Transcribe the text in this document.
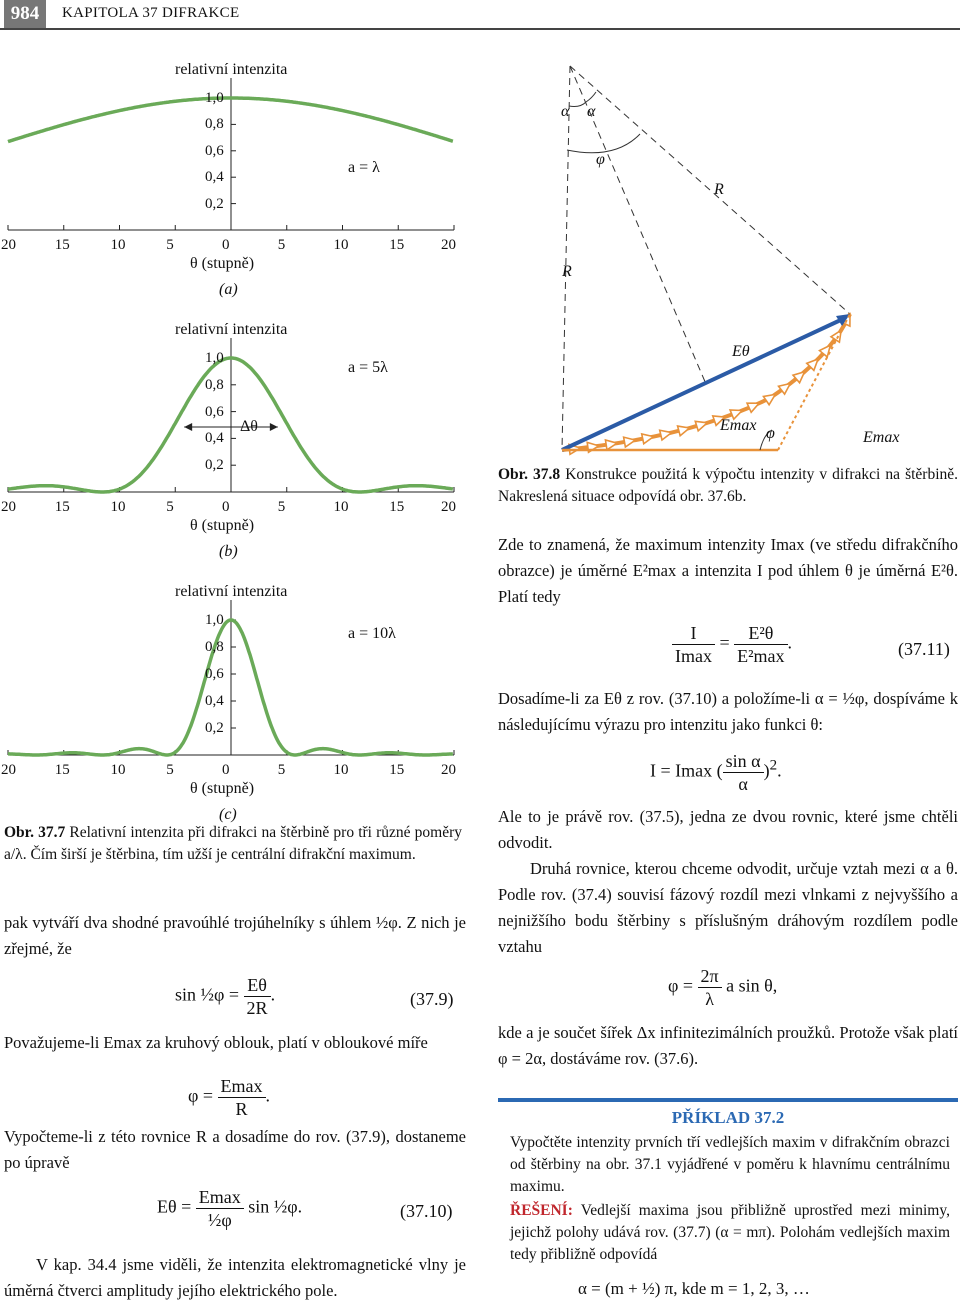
984	KAPITOLA 37 DIFRAKCE
relativní intenzita
1,0
0,8
0,6
0,4
0,2
20	15	10	5	0	5	10	15 20
θ (stupně)
(a)
a = λ
relativní intenzita
1,0
0,8
0,6
0,4
0,2
20	15	10	5	0	5	10	15 20
θ (stupně)
(b)
a = 5λ
Δθ
relativní intenzita
1,0
0,8
0,6
0,4
0,2
20	15	10	5	0	5	10	15 20
θ (stupně)
(c)
a = 10λ
Obr. 37.7 Relativní intenzita při difrakci na štěrbině pro tři různé poměry a/λ. Čím širší je štěrbina, tím užší je centrální difrakční maximum.
pak vytváří dva shodné pravoúhlé trojúhelníky s úhlem ½φ. Z nich je zřejmé, že
sin ½φ = $\frac{E\theta}{2R}$ .	(37.9)
Považujeme-li Emax za kruhový oblouk, platí v obloukové míře
$\varphi = \frac{Emax}{R}$ .
Vypočteme-li z této rovnice R a dosadíme do rov. (37.9), dostaneme po úpravě
$E\theta = \frac{Emax}{\text{½φ}}$ sin ½φ.	(37.10)
V kap. 34.4 jsme viděli, že intenzita elektromagnetické vlny je úměrná čtverci amplitudy jejího elektrického pole.
α α
φ
R
R
Eθ
Emax φ	Emax
Obr. 37.8 Konstrukce použitá k výpočtu intenzity v difrakci na štěrbině. Nakreslená situace odpovídá obr. 37.6b.
Zde to znamená, že maximum intenzity Imax (ve středu difrakčního obrazce) je úměrné E²max a intenzita I pod úhlem θ je úměrná E²θ. Platí tedy
$\frac{I}{Imax} = \frac{\text{E²θ}}{\text{E²max}}$ .	(37.11)
Dosadíme-li za Eθ z rov. (37.10) a položíme-li α = ½φ, dospíváme k následujícímu výrazu pro intenzitu jako funkci θ:
I = Imax ( $\frac{\text{sin α}}{\alpha} )^2$.
Ale to je právě rov. (37.5), jedna ze dvou rovnic, které jsme chtěli odvodit.
Druhá rovnice, kterou chceme odvodit, určuje vztah mezi α a θ. Podle rov. (37.4) souvisí fázový rozdíl mezi vlnkami z nejvyššího a nejnižšího bodu štěrbiny s příslušným dráhovým rozdílem podle vztahu
$\varphi = \frac{2\pi}{\lambda}$ a sin θ,
kde a je součet šířek Δx infinitezimálních proužků. Protože však platí φ = 2α, dostáváme rov. (37.6).
PŘÍKLAD 37.2
Vypočtěte intenzity prvních tří vedlejších maxim v difrakčním obrazci od štěrbiny na obr. 37.1 vyjádřené v poměru k hlavnímu centrálnímu maximu.
ŘEŠENÍ: Vedlejší maxima jsou přibližně uprostřed mezi minimy, jejichž polohy udává rov. (37.7) (α = mπ). Polohám vedlejších maxim tedy přibližně odpovídá
α = (m + ½) π, kde m = 1, 2, 3, …
